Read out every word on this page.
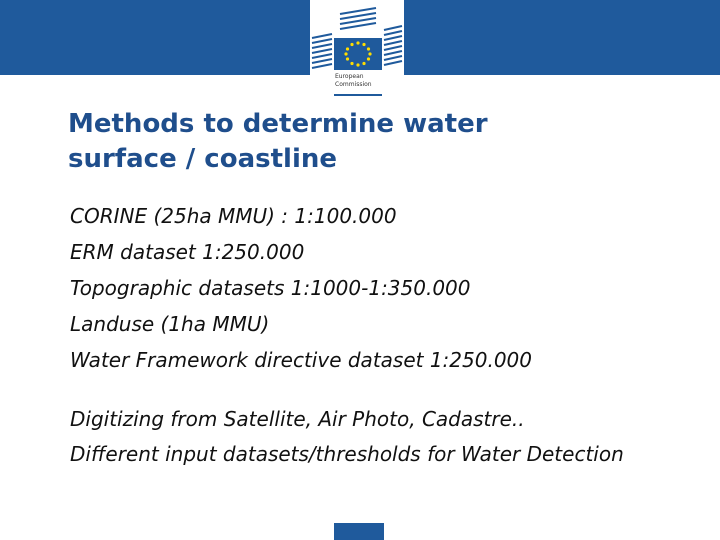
European
Commission
Methods to determine water
surface / coastline
CORINE (25ha MMU) : 1:100.000
ERM dataset 1:250.000
Topographic datasets 1:1000-1:350.000
Landuse (1ha MMU)
Water Framework directive dataset 1:250.000
Digitizing from Satellite, Air Photo, Cadastre..
Different input datasets/thresholds for Water Detection
